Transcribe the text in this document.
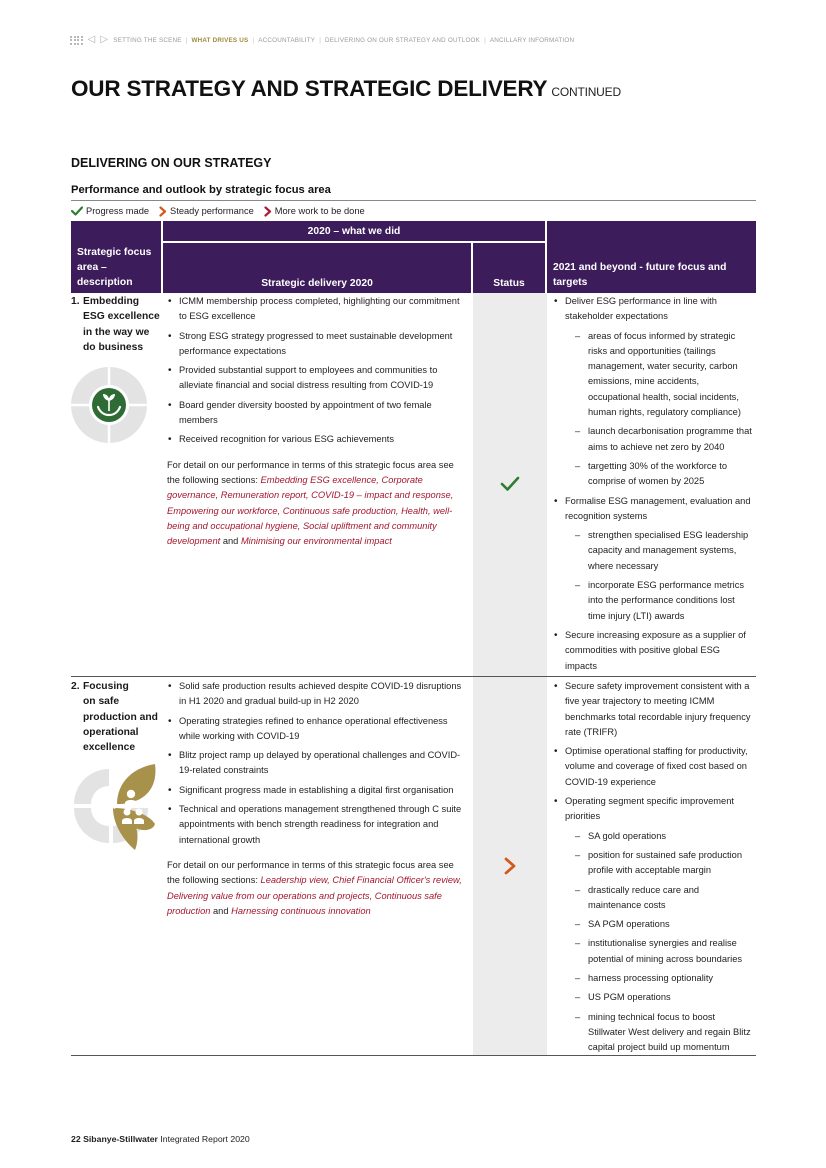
◁ ▷ SETTING THE SCENE | WHAT DRIVES US | ACCOUNTABILITY | DELIVERING ON OUR STRATEGY AND OUTLOOK | ANCILLARY INFORMATION
OUR STRATEGY AND STRATEGIC DELIVERY CONTINUED
DELIVERING ON OUR STRATEGY
Performance and outlook by strategic focus area
Progress made Steady performance More work to be done
Strategic focus area – description
2020 – what we did
Strategic delivery 2020	Status
2021 and beyond - future focus and targets
1. Embedding
ESG excellence
in the way we
do business
• ICMM membership process completed, highlighting our commitment to ESG excellence
• Strong ESG strategy progressed to meet sustainable development performance expectations
• Provided substantial support to employees and communities to alleviate financial and social distress resulting from COVID-19
• Board gender diversity boosted by appointment of two female members
• Received recognition for various ESG achievements

For detail on our performance in terms of this strategic focus area see the following sections: Embedding ESG excellence, Corporate governance, Remuneration report, COVID-19 – impact and response, Empowering our workforce, Continuous safe production, Health, well-being and occupational hygiene, Social upliftment and community development and Minimising our environmental impact

• Deliver ESG performance in line with stakeholder expectations
– areas of focus informed by strategic risks and opportunities (tailings management, water security, carbon emissions, mine accidents, occupational health, social incidents, human rights, regulatory compliance)
– launch decarbonisation programme that aims to achieve net zero by 2040
– targetting 30% of the workforce to comprise of women by 2025
• Formalise ESG management, evaluation and recognition systems
– strengthen specialised ESG leadership capacity and management systems, where necessary
– incorporate ESG performance metrics into the performance conditions lost time injury (LTI) awards
• Secure increasing exposure as a supplier of commodities with positive global ESG impacts
2. Focusing
on safe
production and
operational
excellence
• Solid safe production results achieved despite COVID-19 disruptions in H1 2020 and gradual build-up in H2 2020
• Operating strategies refined to enhance operational effectiveness while working with COVID-19
• Blitz project ramp up delayed by operational challenges and COVID-19-related constraints
• Significant progress made in establishing a digital first organisation
• Technical and operations management strengthened through C suite appointments with bench strength readiness for integration and international growth

For detail on our performance in terms of this strategic focus area see the following sections: Leadership view, Chief Financial Officer's review, Delivering value from our operations and projects, Continuous safe production and Harnessing continuous innovation

• Secure safety improvement consistent with a five year trajectory to meeting ICMM benchmarks total recordable injury frequency rate (TRIFR)
• Optimise operational staffing for productivity, volume and coverage of fixed cost based on COVID-19 experience
• Operating segment specific improvement priorities
– SA gold operations
– position for sustained safe production profile with acceptable margin
– drastically reduce care and maintenance costs
– SA PGM operations
– institutionalise synergies and realise potential of mining across boundaries
– harness processing optionality
– US PGM operations
– mining technical focus to boost Stillwater West delivery and regain Blitz capital project build up momentum
22 Sibanye-Stillwater Integrated Report 2020
